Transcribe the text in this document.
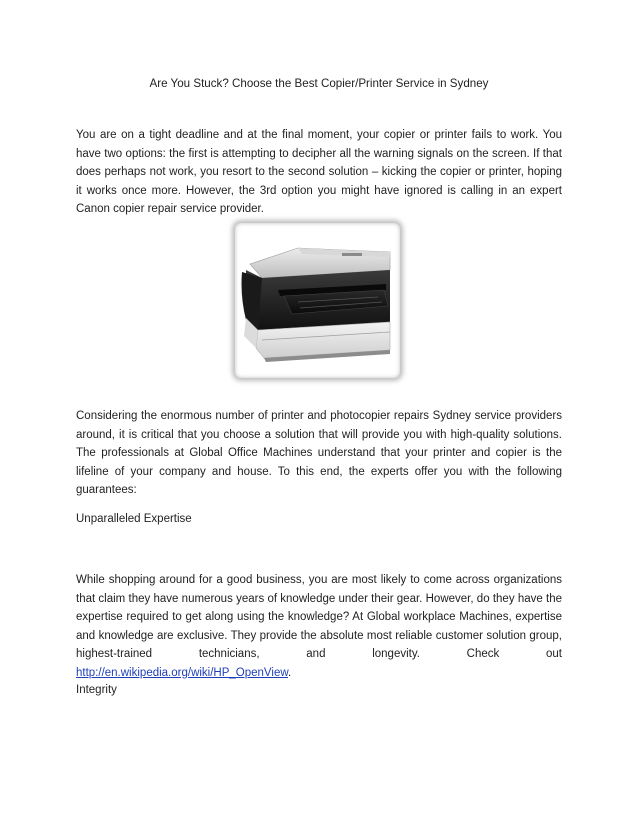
Are You Stuck? Choose the Best Copier/Printer Service in Sydney

You are on a tight deadline and at the final moment, your copier or printer fails to work. You have two options: the first is attempting to decipher all the warning signals on the screen. If that does perhaps not work, you resort to the second solution – kicking the copier or printer, hoping it works once more. However, the 3rd option you might have ignored is calling in an expert Canon copier repair service provider.

Considering the enormous number of printer and photocopier repairs Sydney service providers around, it is critical that you choose a solution that will provide you with high-quality solutions. The professionals at Global Office Machines understand that your printer and copier is the lifeline of your company and house. To this end, the experts offer you with the following guarantees:

Unparalleled Expertise

While shopping around for a good business, you are most likely to come across organizations that claim they have numerous years of knowledge under their gear. However, do they have the expertise required to get along using the knowledge? At Global workplace Machines, expertise and knowledge are exclusive. They provide the absolute most reliable customer solution group, highest-trained technicians, and longevity. Check out http://en.wikipedia.org/wiki/HP_OpenView.

Integrity
